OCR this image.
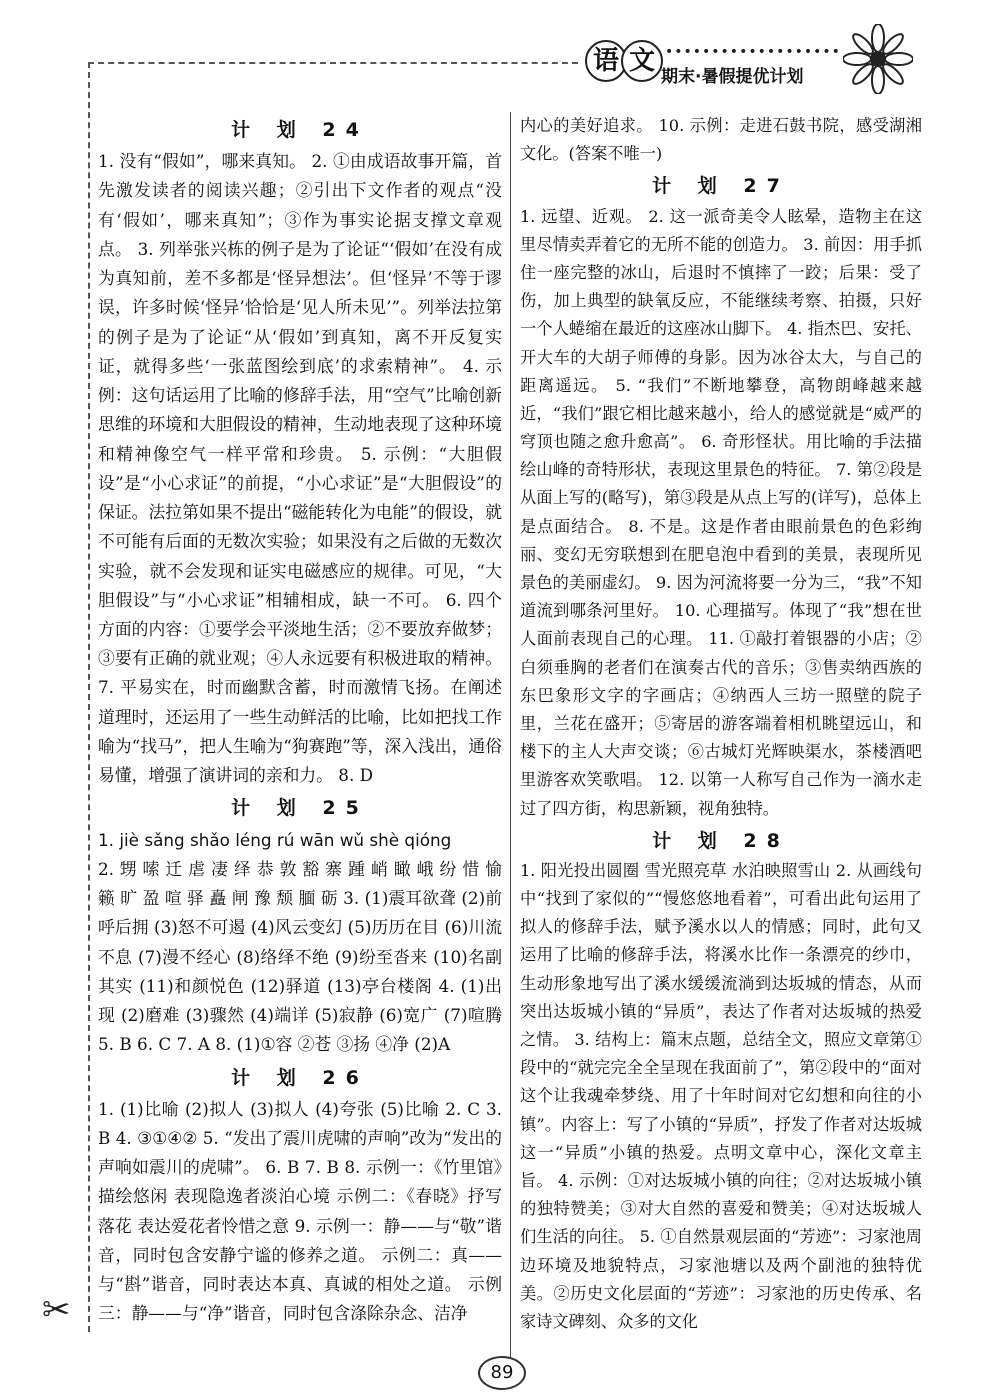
语 文 •••••••••••••••••••
期末·暑假提优计划
计 划 24

1. 没有“假如”，哪来真知。 2. ①由成语故事开篇，首先激发读者的阅读兴趣；②引出下文作者的观点“没有‘假如’，哪来真知”；③作为事实论据支撑文章观点。 3. 列举张兴栋的例子是为了论证“‘假如’在没有成为真知前，差不多都是‘怪异想法’。但‘怪异’不等于谬误，许多时候‘怪异’恰恰是‘见人所未见’”。列举法拉第的例子是为了论证“从‘假如’到真知，离不开反复实证，就得多些‘一张蓝图绘到底’的求索精神”。 4. 示例：这句话运用了比喻的修辞手法，用“空气”比喻创新思维的环境和大胆假设的精神，生动地表现了这种环境和精神像空气一样平常和珍贵。 5. 示例：“大胆假设”是“小心求证”的前提，“小心求证”是“大胆假设”的保证。法拉第如果不提出“磁能转化为电能”的假设，就不可能有后面的无数次实验；如果没有之后做的无数次实验，就不会发现和证实电磁感应的规律。可见，“大胆假设”与“小心求证”相辅相成，缺一不可。 6. 四个方面的内容：①要学会平淡地生活；②不要放弃做梦；③要有正确的就业观；④人永远要有积极进取的精神。 7. 平易实在，时而幽默含蓄，时而激情飞扬。在阐述道理时，还运用了一些生动鲜活的比喻，比如把找工作喻为“找马”，把人生喻为“狗赛跑”等，深入浅出，通俗易懂，增强了演讲词的亲和力。 8. D

计 划 25

1. jiè sǎng shǎo léng rú wān wǔ shè qióng

2. 甥 嗦 迁 虐 凄 绎 恭 敦 豁 寨 踵 峭 瞰 峨 纷 惜 愉 籁 旷 盈 喧 驿 矗 闸 豫 颓 腼 砺 3. (1)震耳欲聋 (2)前呼后拥 (3)怒不可遏 (4)风云变幻 (5)历历在目 (6)川流不息 (7)漫不经心 (8)络绎不绝 (9)纷至沓来 (10)名副其实 (11)和颜悦色 (12)驿道 (13)亭台楼阁 4. (1)出现 (2)磨难 (3)骤然 (4)端详 (5)寂静 (6)宽广 (7)喧腾 5. B 6. C 7. A 8. (1)①容 ②苍 ③扬 ④净 (2)A

计 划 26

1. (1)比喻 (2)拟人 (3)拟人 (4)夸张 (5)比喻 2. C 3. B 4. ③①④② 5. “发出了震川虎啸的声响”改为“发出的声响如震川的虎啸”。 6. B 7. B 8. 示例一：《竹里馆》描绘悠闲 表现隐逸者淡泊心境 示例二：《春晓》抒写落花 表达爱花者怜惜之意 9. 示例一：静——与“敬”谐音，同时包含安静宁谧的修养之道。 示例二：真——与“斟”谐音，同时表达本真、真诚的相处之道。 示例三：静——与“净”谐音，同时包含涤除杂念、洁净

内心的美好追求。 10. 示例：走进石鼓书院，感受湖湘文化。(答案不唯一)

计 划 27

1. 远望、近观。 2. 这一派奇美令人眩晕，造物主在这里尽情卖弄着它的无所不能的创造力。 3. 前因：用手抓住一座完整的冰山，后退时不慎摔了一跤；后果：受了伤，加上典型的缺氧反应，不能继续考察、拍摄，只好一个人蜷缩在最近的这座冰山脚下。 4. 指杰巴、安托、开大车的大胡子师傅的身影。因为冰谷太大，与自己的距离遥远。 5. “我们”不断地攀登，高物朗峰越来越近，“我们”跟它相比越来越小，给人的感觉就是“威严的穹顶也随之愈升愈高”。 6. 奇形怪状。用比喻的手法描绘山峰的奇特形状，表现这里景色的特征。 7. 第②段是从面上写的(略写)，第③段是从点上写的(详写)，总体上是点面结合。 8. 不是。这是作者由眼前景色的色彩绚丽、变幻无穷联想到在肥皂泡中看到的美景，表现所见景色的美丽虚幻。 9. 因为河流将要一分为三，“我”不知道流到哪条河里好。 10. 心理描写。体现了“我”想在世人面前表现自己的心理。 11. ①敲打着银器的小店；②白须垂胸的老者们在演奏古代的音乐；③售卖纳西族的东巴象形文字的字画店；④纳西人三坊一照壁的院子里，兰花在盛开；⑤寄居的游客端着相机眺望远山，和楼下的主人大声交谈；⑥古城灯光辉映渠水，茶楼酒吧里游客欢笑歌唱。 12. 以第一人称写自己作为一滴水走过了四方街，构思新颖，视角独特。

计 划 28

1. 阳光投出圆圈 雪光照亮草 水泊映照雪山 2. 从画线句中“找到了家似的”“慢悠悠地看着”，可看出此句运用了拟人的修辞手法，赋予溪水以人的情感；同时，此句又运用了比喻的修辞手法，将溪水比作一条漂亮的纱巾，生动形象地写出了溪水缓缓流淌到达坂城的情态，从而突出达坂城小镇的“异质”，表达了作者对达坂城的热爱之情。 3. 结构上：篇末点题，总结全文，照应文章第①段中的“就完完全全呈现在我面前了”，第②段中的“面对这个让我魂牵梦绕、用了十年时间对它幻想和向往的小镇”。内容上：写了小镇的“异质”，抒发了作者对达坂城这一“异质”小镇的热爱。点明文章中心，深化文章主旨。 4. 示例：①对达坂城小镇的向往；②对达坂城小镇的独特赞美；③对大自然的喜爱和赞美；④对达坂城人们生活的向往。 5. ①自然景观层面的“芳迹”：习家池周边环境及地貌特点，习家池塘以及两个副池的独特优美。②历史文化层面的“芳迹”：习家池的历史传承、名家诗文碑刻、众多的文化

✂
89
